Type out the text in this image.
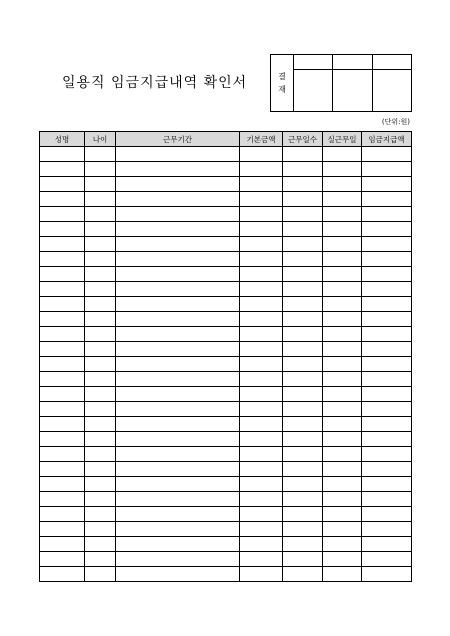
일용직 임금지급내역 확인서	결
재			

(단위:원)
성명	나이	근무기간	기본금액	근무일수	실근무일	임금지급액
